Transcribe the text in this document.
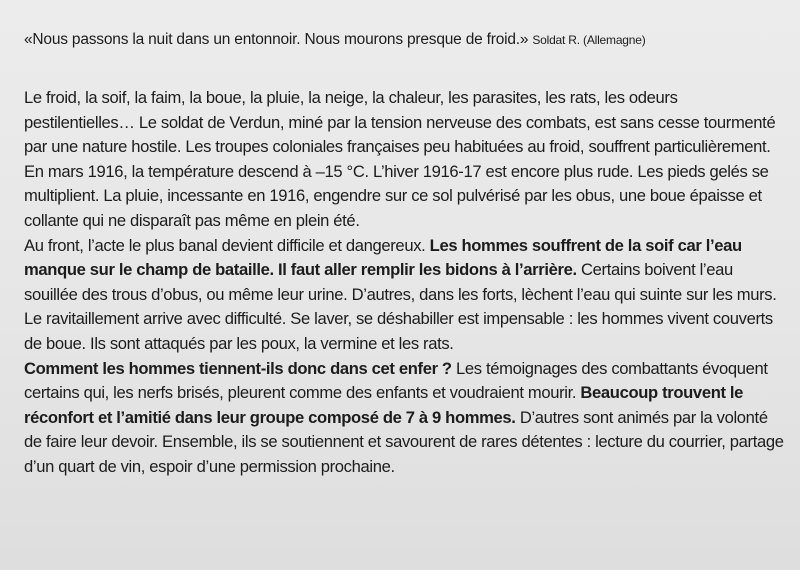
«Nous passons la nuit dans un entonnoir. Nous mourons presque de froid.» Soldat R. (Allemagne)

Le froid, la soif, la faim, la boue, la pluie, la neige, la chaleur, les parasites, les rats, les odeurs pestilentielles… Le soldat de Verdun, miné par la tension nerveuse des combats, est sans cesse tourmenté par une nature hostile. Les troupes coloniales françaises peu habituées au froid, souffrent particulièrement. En mars 1916, la température descend à –15 °C. L’hiver 1916-17 est encore plus rude. Les pieds gelés se multiplient. La pluie, incessante en 1916, engendre sur ce sol pulvérisé par les obus, une boue épaisse et collante qui ne disparaît pas même en plein été.

Au front, l’acte le plus banal devient difficile et dangereux. Les hommes souffrent de la soif car l’eau manque sur le champ de bataille. Il faut aller remplir les bidons à l’arrière. Certains boivent l’eau souillée des trous d’obus, ou même leur urine. D’autres, dans les forts, lèchent l’eau qui suinte sur les murs. Le ravitaillement arrive avec difficulté. Se laver, se déshabiller est impensable : les hommes vivent couverts de boue. Ils sont attaqués par les poux, la vermine et les rats.

Comment les hommes tiennent-ils donc dans cet enfer ? Les témoignages des combattants évoquent certains qui, les nerfs brisés, pleurent comme des enfants et voudraient mourir. Beaucoup trouvent le réconfort et l’amitié dans leur groupe composé de 7 à 9 hommes. D’autres sont animés par la volonté de faire leur devoir. Ensemble, ils se soutiennent et savourent de rares détentes : lecture du courrier, partage d’un quart de vin, espoir d’une permission prochaine.
